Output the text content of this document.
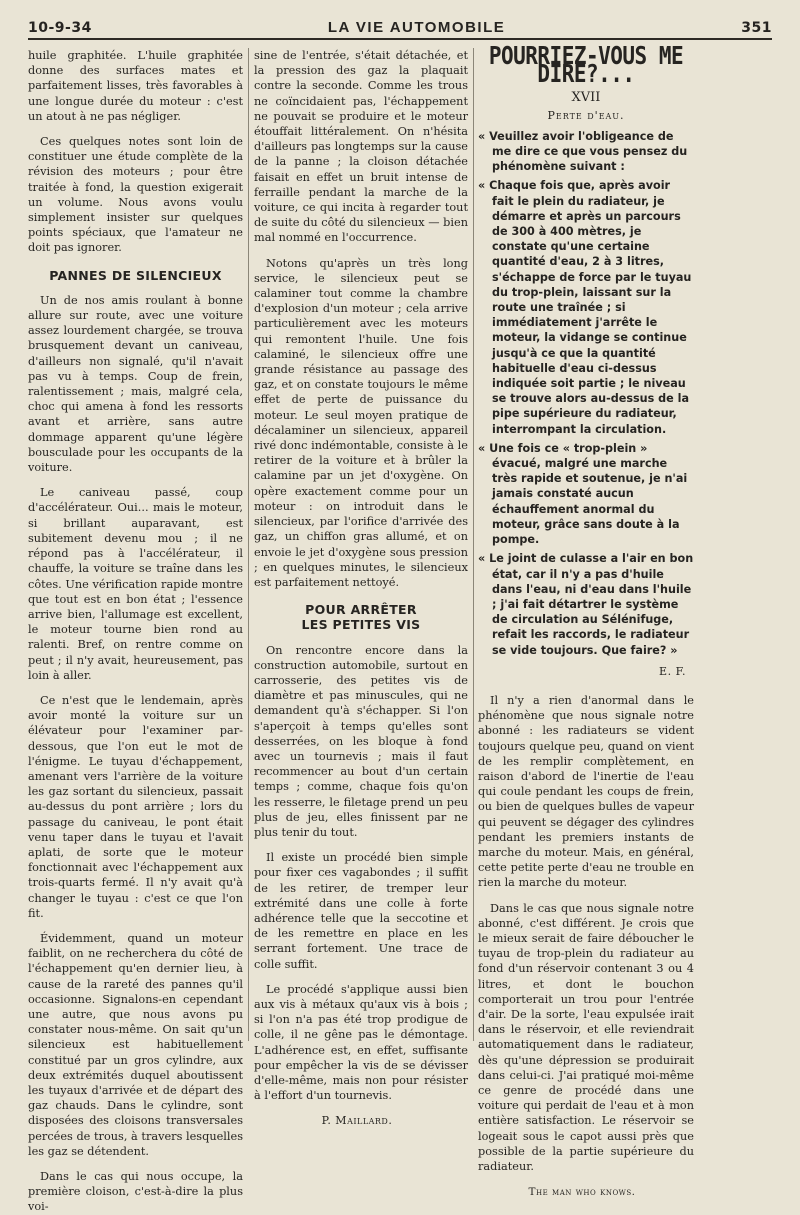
10-9-34	LA VIE AUTOMOBILE	351

huile graphitée. L'huile graphitée donne des surfaces mates et parfaitement lisses, très favorables à une longue durée du moteur : c'est un atout à ne pas négliger.

Ces quelques notes sont loin de constituer une étude complète de la révision des moteurs ; pour être traitée à fond, la question exigerait un volume. Nous avons voulu simplement insister sur quelques points spéciaux, que l'amateur ne doit pas ignorer.

PANNES DE SILENCIEUX

Un de nos amis roulant à bonne allure sur route, avec une voiture assez lourdement chargée, se trouva brusquement devant un caniveau, d'ailleurs non signalé, qu'il n'avait pas vu à temps. Coup de frein, ralentissement ; mais, malgré cela, choc qui amena à fond les ressorts avant et arrière, sans autre dommage apparent qu'une légère bousculade pour les occupants de la voiture.

Le caniveau passé, coup d'accélérateur. Oui... mais le moteur, si brillant auparavant, est subitement devenu mou ; il ne répond pas à l'accélérateur, il chauffe, la voiture se traîne dans les côtes. Une vérification rapide montre que tout est en bon état ; l'essence arrive bien, l'allumage est excellent, le moteur tourne bien rond au ralenti. Bref, on rentre comme on peut ; il n'y avait, heureusement, pas loin à aller.

Ce n'est que le lendemain, après avoir monté la voiture sur un élévateur pour l'examiner par-dessous, que l'on eut le mot de l'énigme. Le tuyau d'échappement, amenant vers l'arrière de la voiture les gaz sortant du silencieux, passait au-dessus du pont arrière ; lors du passage du caniveau, le pont était venu taper dans le tuyau et l'avait aplati, de sorte que le moteur fonctionnait avec l'échappement aux trois-quarts fermé. Il n'y avait qu'à changer le tuyau : c'est ce que l'on fit.

Évidemment, quand un moteur faiblit, on ne recherchera du côté de l'échappement qu'en dernier lieu, à cause de la rareté des pannes qu'il occasionne. Signalons-en cependant une autre, que nous avons pu constater nous-même. On sait qu'un silencieux est habituellement constitué par un gros cylindre, aux deux extrémités duquel aboutissent les tuyaux d'arrivée et de départ des gaz chauds. Dans le cylindre, sont disposées des cloisons transversales percées de trous, à travers lesquelles les gaz se détendent.

Dans le cas qui nous occupe, la première cloison, c'est-à-dire la plus voi-

sine de l'entrée, s'était détachée, et la pression des gaz la plaquait contre la seconde. Comme les trous ne coïncidaient pas, l'échappement ne pouvait se produire et le moteur étouffait littéralement. On n'hésita d'ailleurs pas longtemps sur la cause de la panne ; la cloison détachée faisait en effet un bruit intense de ferraille pendant la marche de la voiture, ce qui incita à regarder tout de suite du côté du silencieux — bien mal nommé en l'occurrence.

Notons qu'après un très long service, le silencieux peut se calaminer tout comme la chambre d'explosion d'un moteur ; cela arrive particulièrement avec les moteurs qui remontent l'huile. Une fois calaminé, le silencieux offre une grande résistance au passage des gaz, et on constate toujours le même effet de perte de puissance du moteur. Le seul moyen pratique de décalaminer un silencieux, appareil rivé donc indémontable, consiste à le retirer de la voiture et à brûler la calamine par un jet d'oxygène. On opère exactement comme pour un moteur : on introduit dans le silencieux, par l'orifice d'arrivée des gaz, un chiffon gras allumé, et on envoie le jet d'oxygène sous pression ; en quelques minutes, le silencieux est parfaitement nettoyé.

POUR ARRÊTER
LES PETITES VIS

On rencontre encore dans la construction automobile, surtout en carrosserie, des petites vis de diamètre et pas minuscules, qui ne demandent qu'à s'échapper. Si l'on s'aperçoit à temps qu'elles sont desserrées, on les bloque à fond avec un tournevis ; mais il faut recommencer au bout d'un certain temps ; comme, chaque fois qu'on les resserre, le filetage prend un peu plus de jeu, elles finissent par ne plus tenir du tout.

Il existe un procédé bien simple pour fixer ces vagabondes ; il suffit de les retirer, de tremper leur extrémité dans une colle à forte adhérence telle que la seccotine et de les remettre en place en les serrant fortement. Une trace de colle suffit.

Le procédé s'applique aussi bien aux vis à métaux qu'aux vis à bois ; si l'on n'a pas été trop prodigue de colle, il ne gêne pas le démontage. L'adhérence est, en effet, suffisante pour empêcher la vis de se dévisser d'elle-même, mais non pour résister à l'effort d'un tournevis.

P. Maillard.
POURRIEZ-VOUS ME DIRE?...
XVII
Perte d'eau.
« Veuillez avoir l'obligeance de me dire ce que vous pensez du phénomène suivant :
« Chaque fois que, après avoir fait le plein du radiateur, je démarre et après un parcours de 300 à 400 mètres, je constate qu'une certaine quantité d'eau, 2 à 3 litres, s'échappe de force par le tuyau du trop-plein, laissant sur la route une traînée ; si immédiatement j'arrête le moteur, la vidange se continue jusqu'à ce que la quantité habituelle d'eau ci-dessus indiquée soit partie ; le niveau se trouve alors au-dessus de la pipe supérieure du radiateur, interrompant la circulation.
« Une fois ce « trop-plein » évacué, malgré une marche très rapide et soutenue, je n'ai jamais constaté aucun échauffement anormal du moteur, grâce sans doute à la pompe.
« Le joint de culasse a l'air en bon état, car il n'y a pas d'huile dans l'eau, ni d'eau dans l'huile ; j'ai fait détartrer le système de circulation au Sélénifuge, refait les raccords, le radiateur se vide toujours. Que faire? »
E. F.

Il n'y a rien d'anormal dans le phénomène que nous signale notre abonné : les radiateurs se vident toujours quelque peu, quand on vient de les remplir complètement, en raison d'abord de l'inertie de l'eau qui coule pendant les coups de frein, ou bien de quelques bulles de vapeur qui peuvent se dégager des cylindres pendant les premiers instants de marche du moteur. Mais, en général, cette petite perte d'eau ne trouble en rien la marche du moteur.

Dans le cas que nous signale notre abonné, c'est différent. Je crois que le mieux serait de faire déboucher le tuyau de trop-plein du radiateur au fond d'un réservoir contenant 3 ou 4 litres, et dont le bouchon comporterait un trou pour l'entrée d'air. De la sorte, l'eau expulsée irait dans le réservoir, et elle reviendrait automatiquement dans le radiateur, dès qu'une dépression se produirait dans celui-ci. J'ai pratiqué moi-même ce genre de procédé dans une voiture qui perdait de l'eau et à mon entière satisfaction. Le réservoir se logeait sous le capot aussi près que possible de la partie supérieure du radiateur.

The man who knows.
